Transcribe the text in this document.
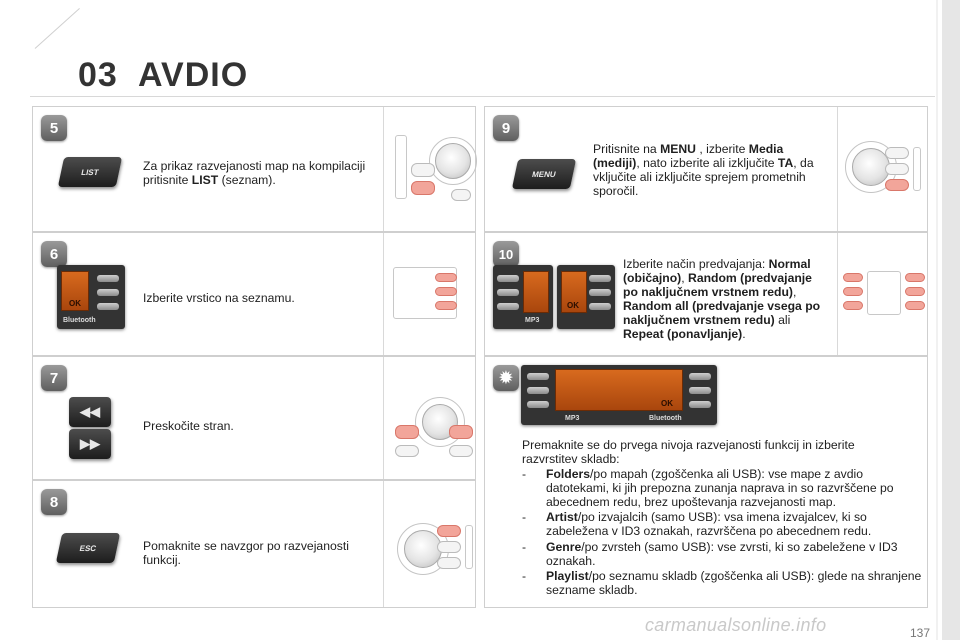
03 AVDIO
5
LIST	Za prikaz razvejanosti map na kompilaciji pritisnite LIST (seznam).
6
OK
Bluetooth
Izberite vrstico na seznamu.
7
◀◀
▶▶
Preskočite stran.
8
ESC	Pomaknite se navzgor po razvejanosti funkcij.
9
MENU
Pritisnite na MENU , izberite Media (mediji), nato izberite ali izključite TA, da vključite ali izključite sprejem prometnih sporočil.
10
MP3
OK
Izberite način predvajanja: Normal (običajno), Random (predvajanje po naključnem vrstnem redu), Random all (predvajanje vsega po naključnem vrstnem redu) ali Repeat (ponavljanje).
✹
OK
MP3	Bluetooth
Premaknite se do prvega nivoja razvejanosti funkcij in izberite razvrstitev skladb:
- Folders/po mapah (zgoščenka ali USB): vse mape z avdio datotekami, ki jih prepozna zunanja naprava in so razvrščene po abecednem redu, brez upoštevanja razvejanosti map.
- Artist/po izvajalcih (samo USB): vsa imena izvajalcev, ki so zabeležena v ID3 oznakah, razvrščena po abecednem redu.
- Genre/po zvrsteh (samo USB): vse zvrsti, ki so zabeležene v ID3 oznakah.
- Playlist/po seznamu skladb (zgoščenka ali USB): glede na shranjene sezname skladb.
carmanualsonline.info	137
